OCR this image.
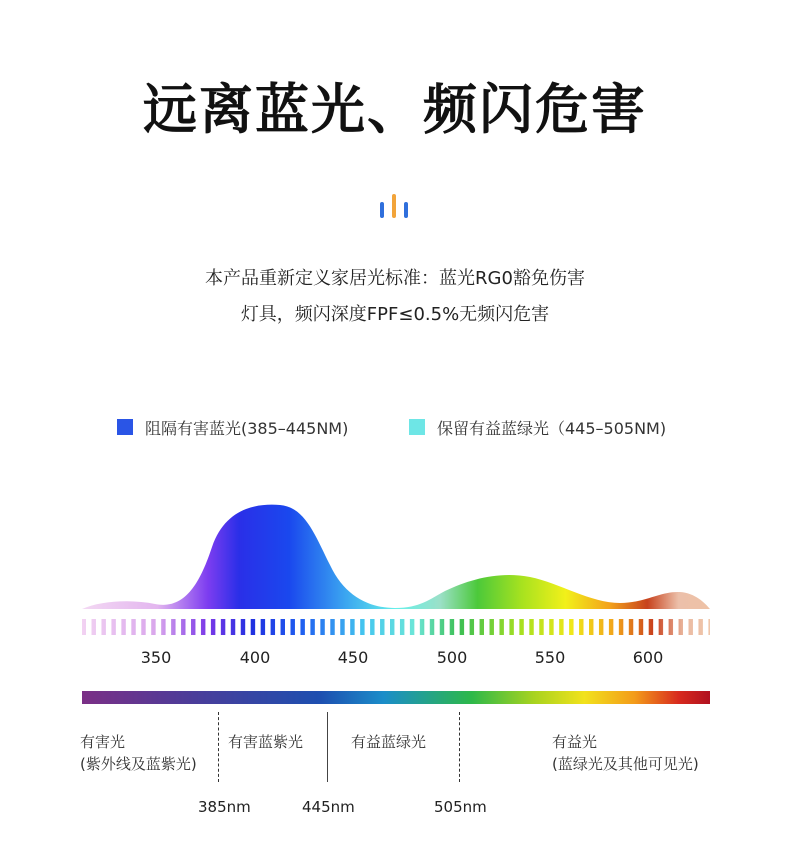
远离蓝光、频闪危害
本产品重新定义家居光标准：蓝光RG0豁免伤害
灯具，频闪深度FPF≤0.5%无频闪危害
阻隔有害蓝光(385–445NM)	保留有益蓝绿光（445–505NM)
350	400	450	500	550	600
有害光
(紫外线及蓝紫光)
有害蓝紫光	有益蓝绿光	有益光
(蓝绿光及其他可见光)
385nm	445nm	505nm
